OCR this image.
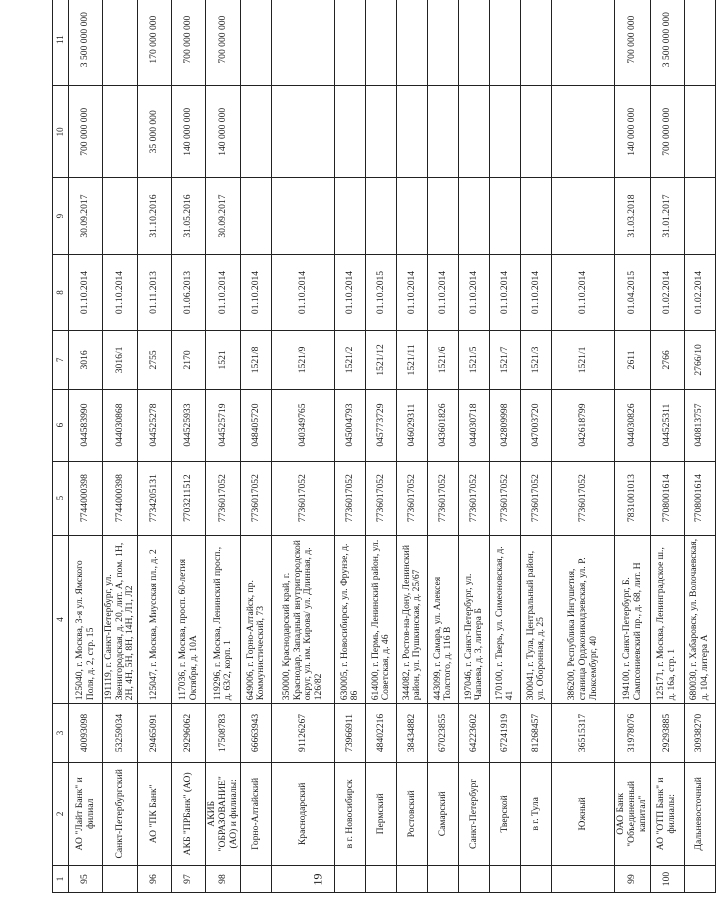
19
1	2	3	4	5	6	7	8	9	10	11
95	АО "Лайт Банк" и филиал	40093098	125040, г. Москва, 3-я ул. Ямского Поля, д. 2, стр. 15	7744000398	044583990	3016	01.10.2014	30.09.2017	700 000 000	3 500 000 000
	Санкт-Петербургский	53259034	191119, г. Санкт-Петербург, ул. Звенигородская, д. 20, лит. А, пом. 1Н, 2Н, 4Н, 5Н, 8Н, 14Н, Л1, Л2	7744000398	044030868	3016/1	01.10.2014			
96	АО "ПК Банк"	29465091	125047, г. Москва, Миусская пл., д. 2	7734205131	044525278	2755	01.11.2013	31.10.2016	35 000 000	170 000 000
97	АКБ "ПРБанк" (АО)	29296062	117036, г. Москва, просп. 60-летия Октября, д. 10А	7703211512	044525933	2170	01.06.2013	31.05.2016	140 000 000	700 000 000
98	АКИБ "ОБРАЗОВАНИЕ" (АО) и филиалы:	17508783	119296, г. Москва, Ленинский просп., д. 63/2, корп. 1	7736017052	044525719	1521	01.10.2014	30.09.2017	140 000 000	700 000 000
	Горно-Алтайский	66663943	649006, г. Горно-Алтайск, пр. Коммунистический, 73	7736017052	048405720	1521/8	01.10.2014			
	Краснодарский	91126267	350000, Краснодарский край, г. Краснодар, Западный внутригородской округ, ул. им. Кирова/ ул. Длинная, д. 126/82	7736017052	040349765	1521/9	01.10.2014			
	в г. Новосибирск	73966911	630005, г. Новосибирск, ул. Фрунзе, д. 86	7736017052	045004793	1521/2	01.10.2014			
	Пермский	48402216	614000, г. Пермь, Ленинский район, ул. Советская, д. 46	7736017052	045773729	1521/12	01.10.2015			
	Ростовский	38434882	344082, г. Ростов-на-Дону, Ленинский район, ул. Пушкинская, д. 25/67	7736017052	046029311	1521/11	01.10.2014			
	Самарский	67023855	443099, г. Самара, ул. Алексея Толстого, д. 116 В	7736017052	043601826	1521/6	01.10.2014			
	Санкт-Петербург	64223602	197046, г. Санкт-Петербург, ул. Чапаева, д. 3, литера Б	7736017052	044030718	1521/5	01.10.2014			
	Тверской	67241919	170100, г. Тверь, ул. Симеоновская, д. 41	7736017052	042809998	1521/7	01.10.2014			
	в г. Тула	81268457	300041, г. Тула, Центральный район, ул. Оборонная, д. 25	7736017052	047003720	1521/3	01.10.2014			
	Южный	36515317	386200, Республика Ингушетия, станица Орджоникидзевская, ул. Р. Люксембург, 40	7736017052	042618799	1521/1	01.10.2014			
99	ОАО Банк "Объединенный капитал"	31978076	194100, г. Санкт-Петербург, Б. Сампсониевский пр., д. 68, лит. Н	7831001013	044030826	2611	01.04.2015	31.03.2018	140 000 000	700 000 000
100	АО "ОТП Банк" и филиалы:	29293885	125171, г. Москва, Ленинградское ш., д. 16а, стр. 1	7708001614	044525311	2766	01.02.2014	31.01.2017	700 000 000	3 500 000 000
	Дальневосточный	30938270	680030, г. Хабаровск, ул. Волочаевская, д. 104, литера А	7708001614	040813757	2766/10	01.02.2014			
